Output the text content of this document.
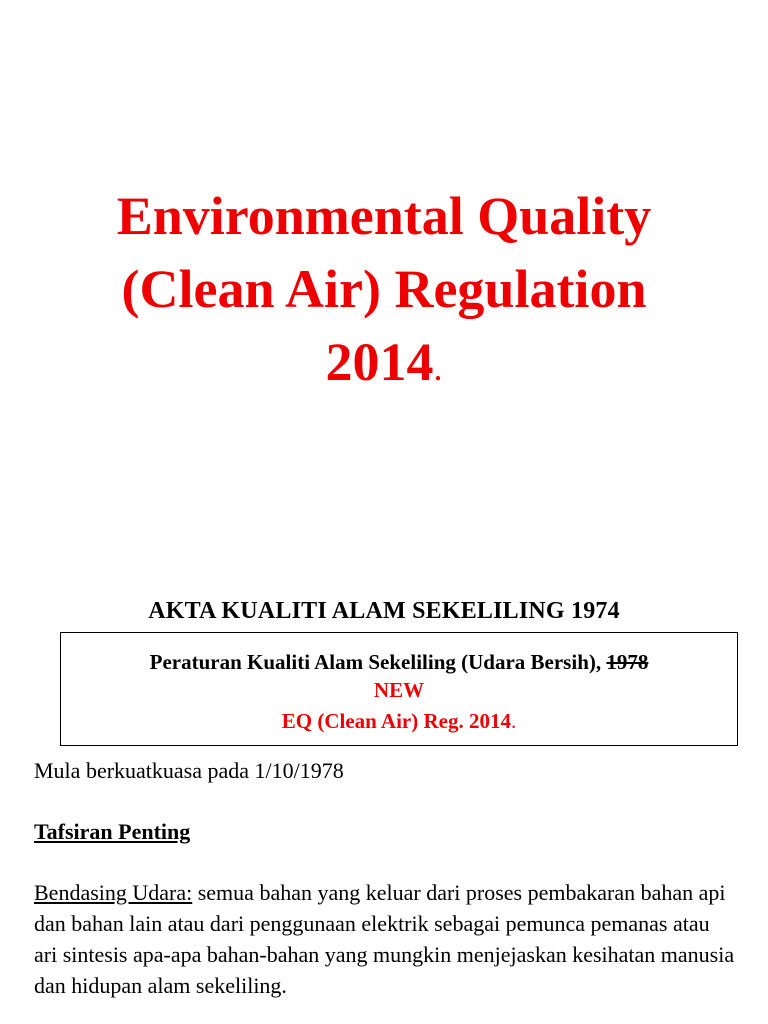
Environmental Quality
(Clean Air) Regulation
2014.
AKTA KUALITI ALAM SEKELILING 1974
Peraturan Kualiti Alam Sekeliling (Udara Bersih), 1978
NEW
EQ (Clean Air) Reg. 2014.
Mula berkuatkuasa pada 1/10/1978
Tafsiran Penting
Bendasing Udara: semua bahan yang keluar dari proses pembakaran bahan api dan bahan lain atau dari penggunaan elektrik sebagai pemunca pemanas atau ari sintesis apa-apa bahan-bahan yang mungkin menjejaskan kesihatan manusia dan hidupan alam sekeliling.
